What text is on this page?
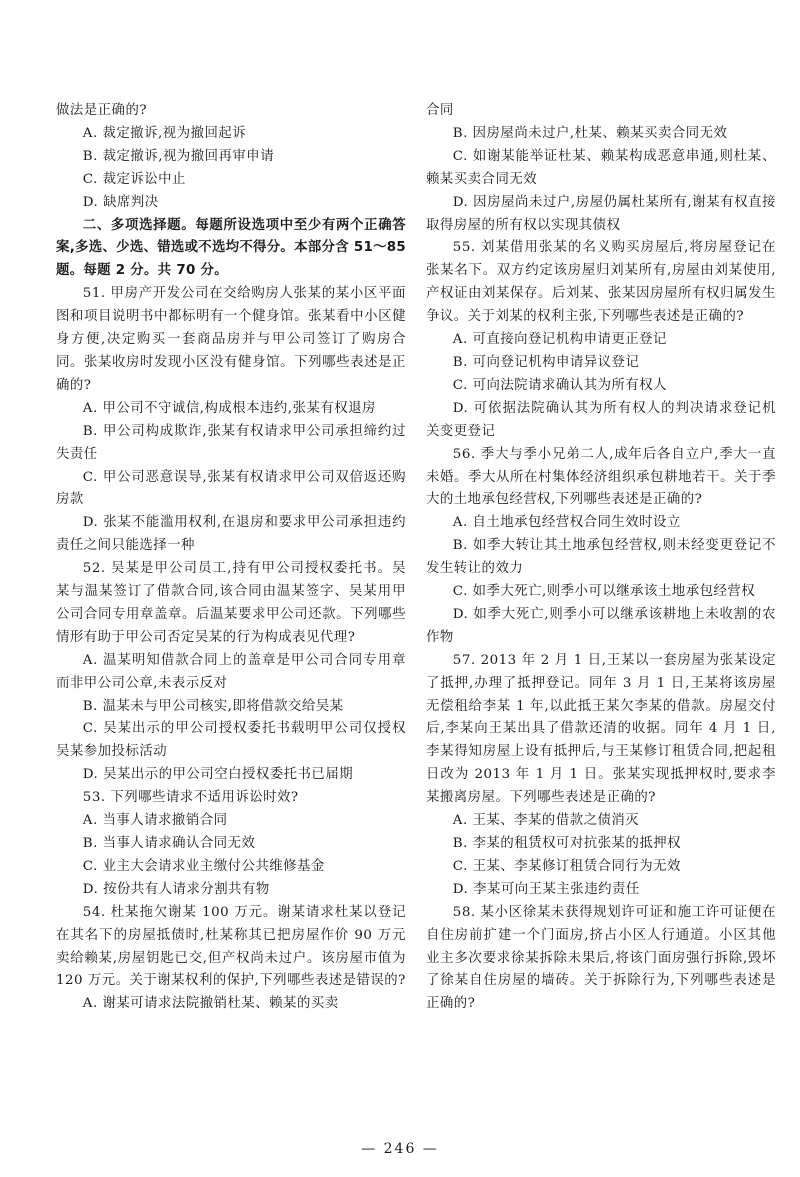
做法是正确的?

A. 裁定撤诉,视为撤回起诉

B. 裁定撤诉,视为撤回再审申请

C. 裁定诉讼中止

D. 缺席判决

二、多项选择题。每题所设选项中至少有两个正确答案,多选、少选、错选或不选均不得分。本部分含 51～85 题。每题 2 分。共 70 分。

51. 甲房产开发公司在交给购房人张某的某小区平面图和项目说明书中都标明有一个健身馆。张某看中小区健身方便,决定购买一套商品房并与甲公司签订了购房合同。张某收房时发现小区没有健身馆。下列哪些表述是正确的?

A. 甲公司不守诚信,构成根本违约,张某有权退房

B. 甲公司构成欺诈,张某有权请求甲公司承担缔约过失责任

C. 甲公司恶意误导,张某有权请求甲公司双倍返还购房款

D. 张某不能滥用权利,在退房和要求甲公司承担违约责任之间只能选择一种

52. 吴某是甲公司员工,持有甲公司授权委托书。吴某与温某签订了借款合同,该合同由温某签字、吴某用甲公司合同专用章盖章。后温某要求甲公司还款。下列哪些情形有助于甲公司否定吴某的行为构成表见代理?

A. 温某明知借款合同上的盖章是甲公司合同专用章而非甲公司公章,未表示反对

B. 温某未与甲公司核实,即将借款交给吴某

C. 吴某出示的甲公司授权委托书载明甲公司仅授权吴某参加投标活动

D. 吴某出示的甲公司空白授权委托书已届期

53. 下列哪些请求不适用诉讼时效?

A. 当事人请求撤销合同

B. 当事人请求确认合同无效

C. 业主大会请求业主缴付公共维修基金

D. 按份共有人请求分割共有物

54. 杜某拖欠谢某 100 万元。谢某请求杜某以登记在其名下的房屋抵债时,杜某称其已把房屋作价 90 万元卖给赖某,房屋钥匙已交,但产权尚未过户。该房屋市值为 120 万元。关于谢某权利的保护,下列哪些表述是错误的?

A. 谢某可请求法院撤销杜某、赖某的买卖

合同

B. 因房屋尚未过户,杜某、赖某买卖合同无效

C. 如谢某能举证杜某、赖某构成恶意串通,则杜某、赖某买卖合同无效

D. 因房屋尚未过户,房屋仍属杜某所有,谢某有权直接取得房屋的所有权以实现其债权

55. 刘某借用张某的名义购买房屋后,将房屋登记在张某名下。双方约定该房屋归刘某所有,房屋由刘某使用,产权证由刘某保存。后刘某、张某因房屋所有权归属发生争议。关于刘某的权利主张,下列哪些表述是正确的?

A. 可直接向登记机构申请更正登记

B. 可向登记机构申请异议登记

C. 可向法院请求确认其为所有权人

D. 可依据法院确认其为所有权人的判决请求登记机关变更登记

56. 季大与季小兄弟二人,成年后各自立户,季大一直未婚。季大从所在村集体经济组织承包耕地若干。关于季大的土地承包经营权,下列哪些表述是正确的?

A. 自土地承包经营权合同生效时设立

B. 如季大转让其土地承包经营权,则未经变更登记不发生转让的效力

C. 如季大死亡,则季小可以继承该土地承包经营权

D. 如季大死亡,则季小可以继承该耕地上未收割的农作物

57. 2013 年 2 月 1 日,王某以一套房屋为张某设定了抵押,办理了抵押登记。同年 3 月 1 日,王某将该房屋无偿租给李某 1 年,以此抵王某欠李某的借款。房屋交付后,李某向王某出具了借款还清的收据。同年 4 月 1 日,李某得知房屋上设有抵押后,与王某修订租赁合同,把起租日改为 2013 年 1 月 1 日。张某实现抵押权时,要求李某搬离房屋。下列哪些表述是正确的?

A. 王某、李某的借款之债消灭

B. 李某的租赁权可对抗张某的抵押权

C. 王某、李某修订租赁合同行为无效

D. 李某可向王某主张违约责任

58. 某小区徐某未获得规划许可证和施工许可证便在自住房前扩建一个门面房,挤占小区人行通道。小区其他业主多次要求徐某拆除未果后,将该门面房强行拆除,毁坏了徐某自住房屋的墙砖。关于拆除行为,下列哪些表述是正确的?

— 246 —
